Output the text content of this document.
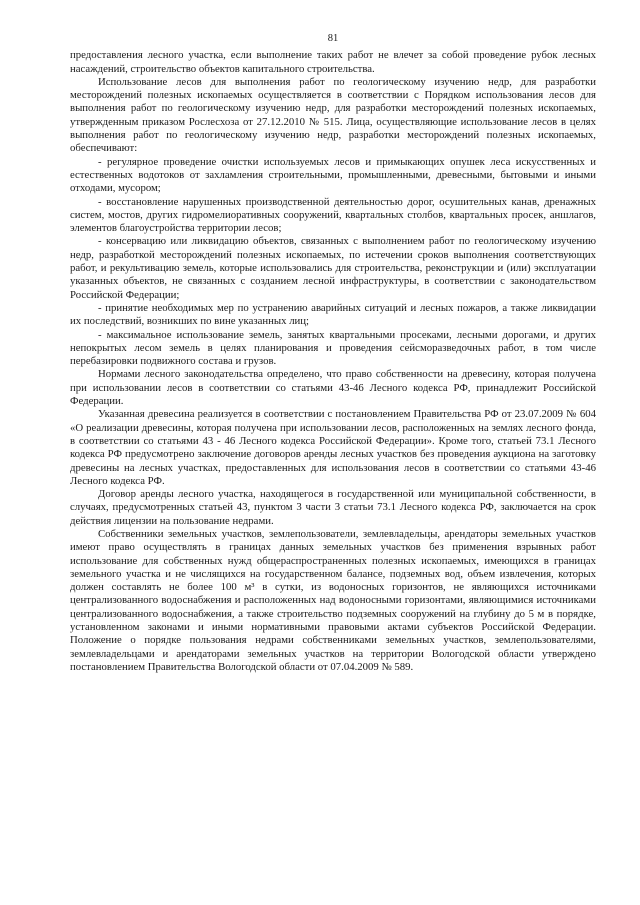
81

предоставления лесного участка, если выполнение таких работ не влечет за собой проведение рубок лесных насаждений, строительство объектов капитального строительства.

Использование лесов для выполнения работ по геологическому изучению недр, для разработки месторождений полезных ископаемых осуществляется в соответствии с Порядком использования лесов для выполнения работ по геологическому изучению недр, для разработки месторождений полезных ископаемых, утвержденным приказом Рослесхоза от 27.12.2010 № 515. Лица, осуществляющие использование лесов в целях выполнения работ по геологическому изучению недр, разработки месторождений полезных ископаемых, обеспечивают:

- регулярное проведение очистки используемых лесов и примыкающих опушек леса искусственных и естественных водотоков от захламления строительными, промышленными, древесными, бытовыми и иными отходами, мусором;

- восстановление нарушенных производственной деятельностью дорог, осушительных канав, дренажных систем, мостов, других гидромелиоративных сооружений, квартальных столбов, квартальных просек, аншлагов, элементов благоустройства территории лесов;

- консервацию или ликвидацию объектов, связанных с выполнением работ по геологическому изучению недр, разработкой месторождений полезных ископаемых, по истечении сроков выполнения соответствующих работ, и рекультивацию земель, которые использовались для строительства, реконструкции и (или) эксплуатации указанных объектов, не связанных с созданием лесной инфраструктуры, в соответствии с законодательством Российской Федерации;

- принятие необходимых мер по устранению аварийных ситуаций и лесных пожаров, а также ликвидации их последствий, возникших по вине указанных лиц;

- максимальное использование земель, занятых квартальными просеками, лесными дорогами, и других непокрытых лесом земель в целях планирования и проведения сейсморазведочных работ, в том числе перебазировки подвижного состава и грузов.

Нормами лесного законодательства определено, что право собственности на древесину, которая получена при использовании лесов в соответствии со статьями 43-46 Лесного кодекса РФ, принадлежит Российской Федерации.

Указанная древесина реализуется в соответствии с постановлением Правительства РФ от 23.07.2009 № 604 «О реализации древесины, которая получена при использовании лесов, расположенных на землях лесного фонда, в соответствии со статьями 43 - 46 Лесного кодекса Российской Федерации». Кроме того, статьей 73.1 Лесного кодекса РФ предусмотрено заключение договоров аренды лесных участков без проведения аукциона на заготовку древесины на лесных участках, предоставленных для использования лесов в соответствии со статьями 43-46 Лесного кодекса РФ.

Договор аренды лесного участка, находящегося в государственной или муниципальной собственности, в случаях, предусмотренных статьей 43, пунктом 3 части 3 статьи 73.1 Лесного кодекса РФ, заключается на срок действия лицензии на пользование недрами.

Собственники земельных участков, землепользователи, землевладельцы, арендаторы земельных участков имеют право осуществлять в границах данных земельных участков без применения взрывных работ использование для собственных нужд общераспространенных полезных ископаемых, имеющихся в границах земельного участка и не числящихся на государственном балансе, подземных вод, объем извлечения, которых должен составлять не более 100 м³ в сутки, из водоносных горизонтов, не являющихся источниками централизованного водоснабжения и расположенных над водоносными горизонтами, являющимися источниками централизованного водоснабжения, а также строительство подземных сооружений на глубину до 5 м в порядке, установленном законами и иными нормативными правовыми актами субъектов Российской Федерации. Положение о порядке пользования недрами собственниками земельных участков, землепользователями, землевладельцами и арендаторами земельных участков на территории Вологодской области утверждено постановлением Правительства Вологодской области от 07.04.2009 № 589.
